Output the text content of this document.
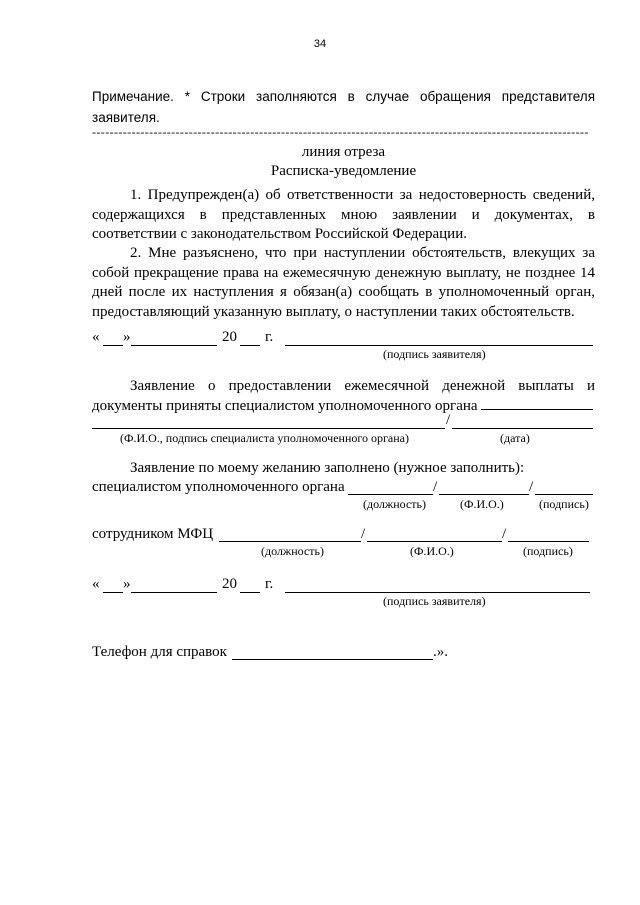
34
Примечание. * Строки заполняются в случае обращения представителя заявителя.
-----------------------------------------------------------------------------------------------------------------
линия отреза
Расписка-уведомление
1. Предупрежден(а) об ответственности за недостоверность сведений, содержащихся в представленных мною заявлении и документах, в соответствии с законодательством Российской Федерации.
2. Мне разъяснено, что при наступлении обстоятельств, влекущих за собой прекращение права на ежемесячную денежную выплату, не позднее 14 дней после их наступления я обязан(а) сообщать в уполномоченный орган, предоставляющий указанную выплату, о наступлении таких обстоятельств.
« »	20 г.
(подпись заявителя)
Заявление о предоставлении ежемесячной денежной выплаты и документы приняты специалистом уполномоченного органа
/
(Ф.И.О., подпись специалиста уполномоченного органа)	(дата)
Заявление по моему желанию заполнено (нужное заполнить):
специалистом уполномоченного органа	/	/
(должность)	(Ф.И.О.)	(подпись)
сотрудником МФЦ	/	/
(должность)	(Ф.И.О.)	(подпись)
« »	20 г.
(подпись заявителя)
Телефон для справок	.».
